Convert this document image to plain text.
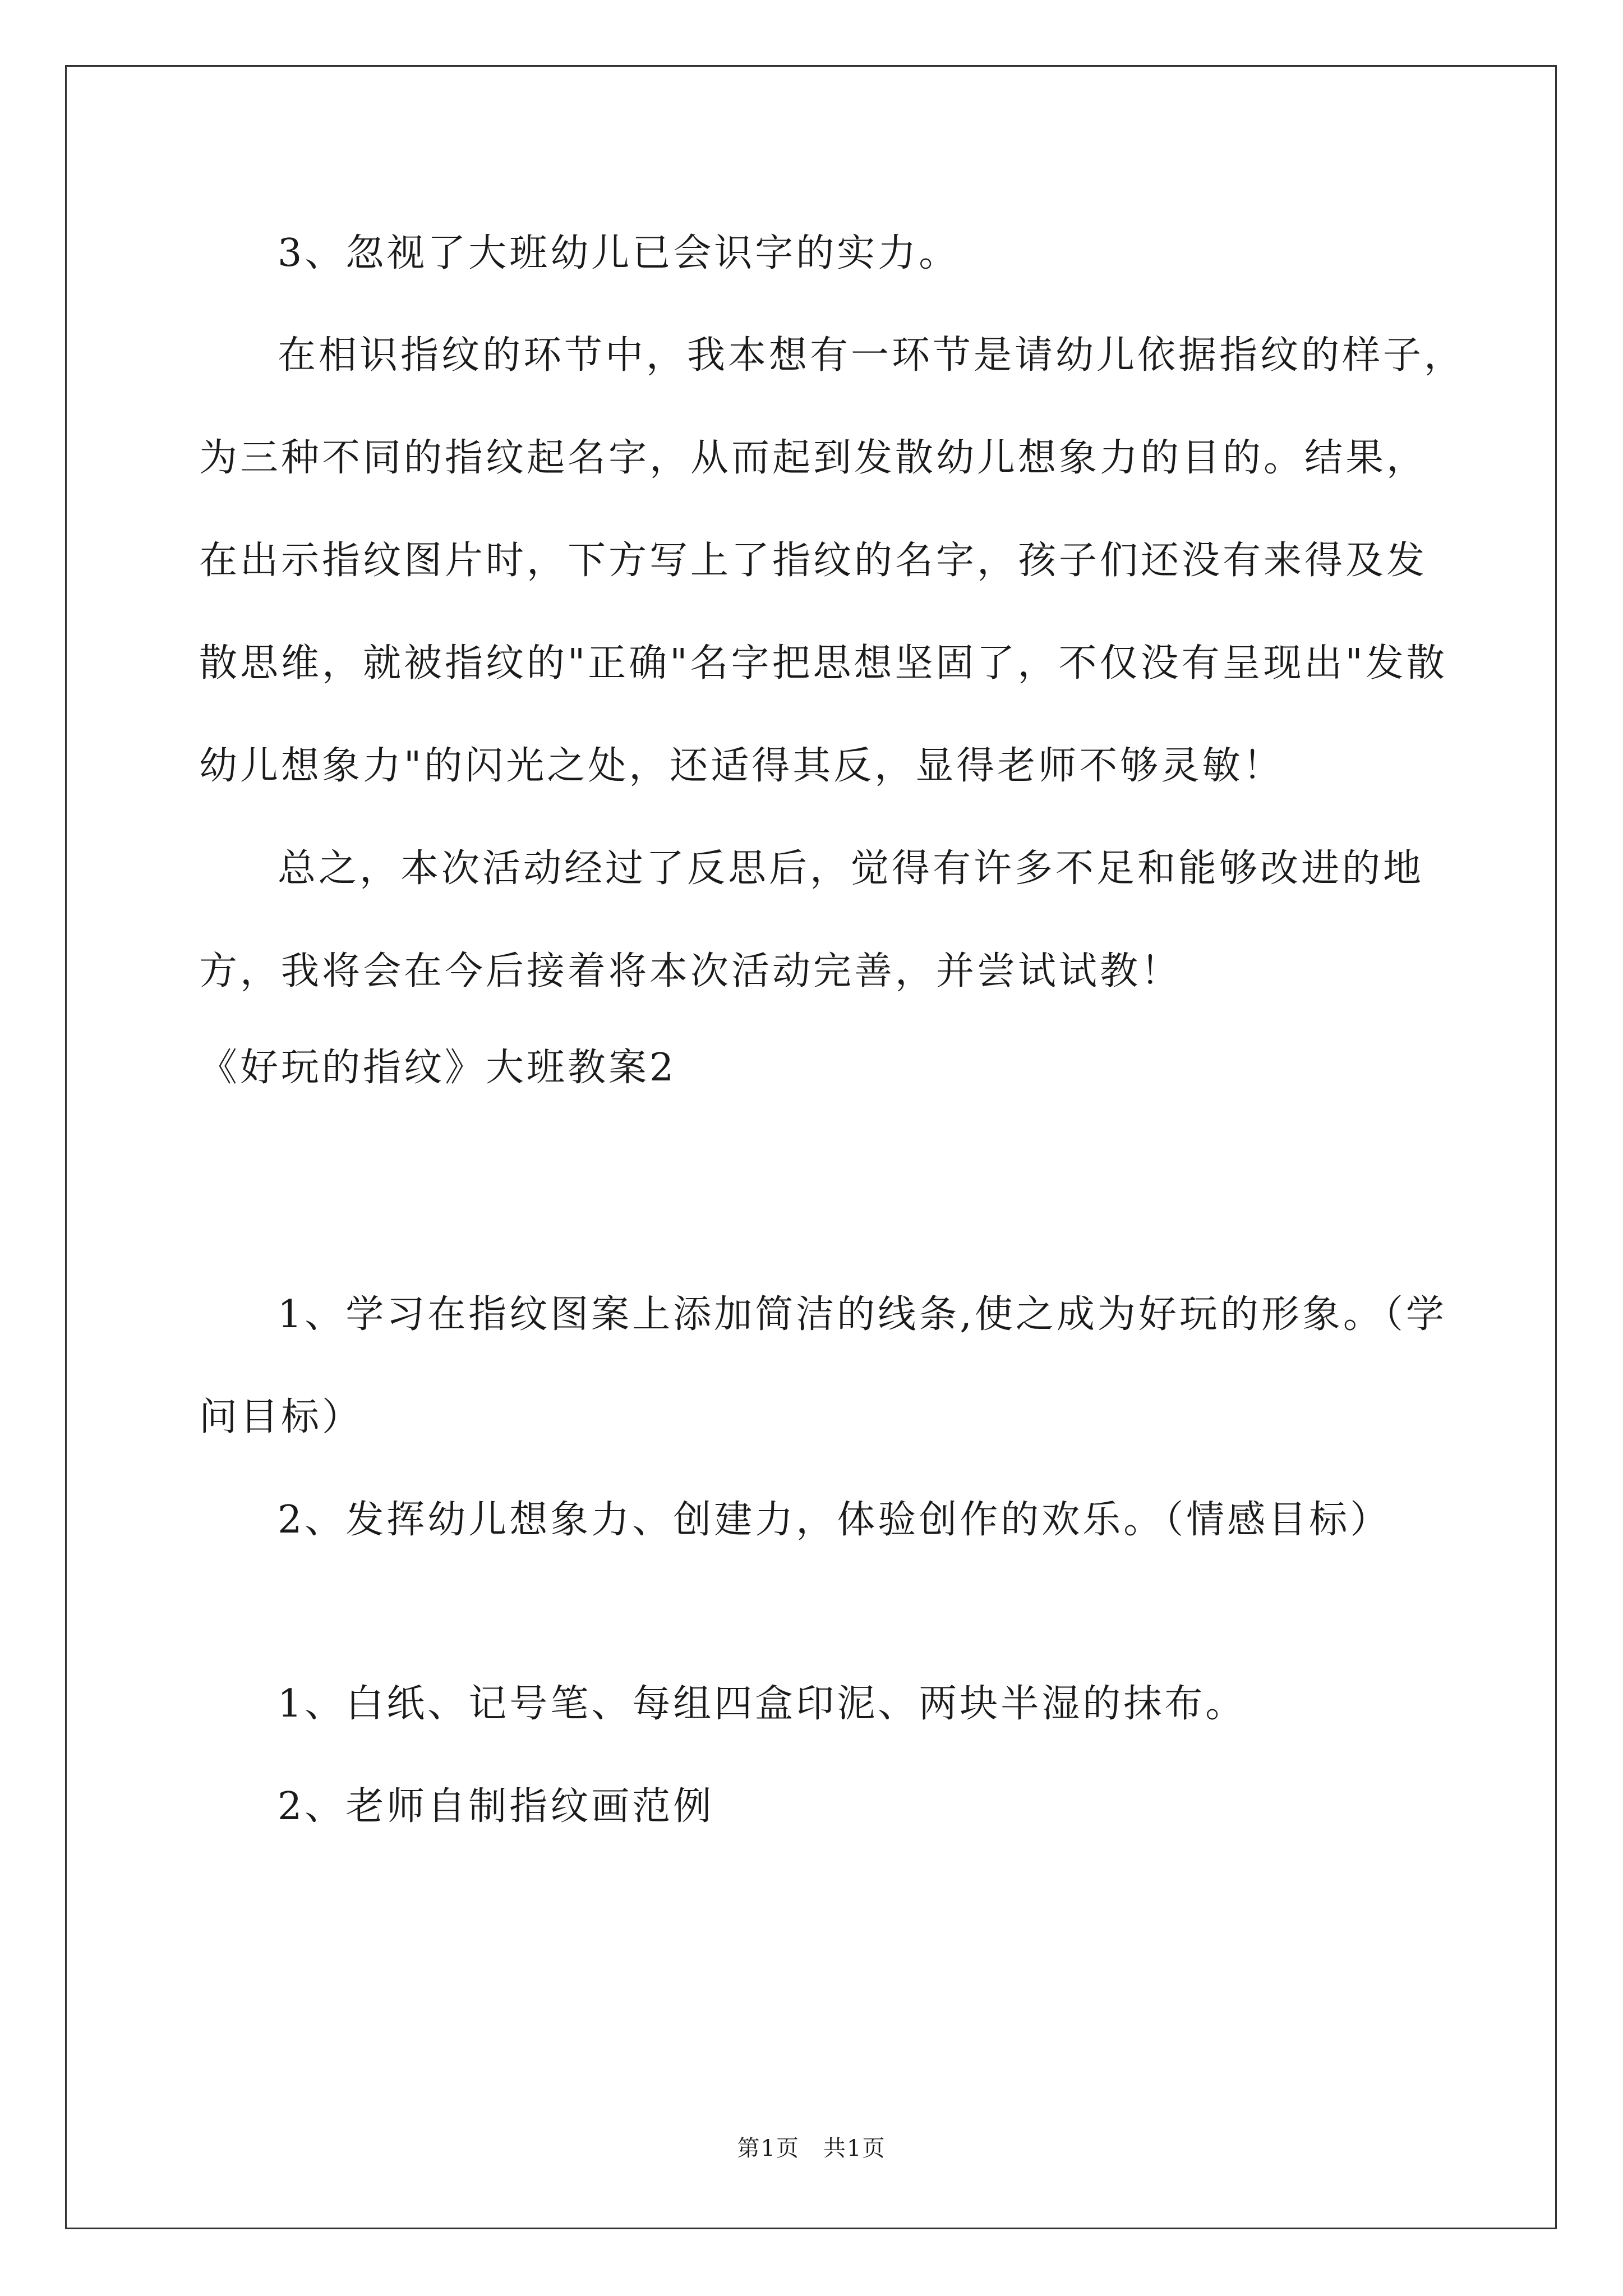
3、忽视了大班幼儿已会识字的实力。
在相识指纹的环节中，我本想有一环节是请幼儿依据指纹的样子，
为三种不同的指纹起名字，从而起到发散幼儿想象力的目的。结果，
在出示指纹图片时，下方写上了指纹的名字，孩子们还没有来得及发
散思维，就被指纹的"正确"名字把思想坚固了，不仅没有呈现出"发散
幼儿想象力"的闪光之处，还适得其反，显得老师不够灵敏！
总之，本次活动经过了反思后，觉得有许多不足和能够改进的地
方，我将会在今后接着将本次活动完善，并尝试试教！
《好玩的指纹》大班教案2
1、学习在指纹图案上添加简洁的线条,使之成为好玩的形象。（学
问目标）
2、发挥幼儿想象力、创建力，体验创作的欢乐。（情感目标）
1、白纸、记号笔、每组四盒印泥、两块半湿的抹布。
2、老师自制指纹画范例
第1页　共1页
